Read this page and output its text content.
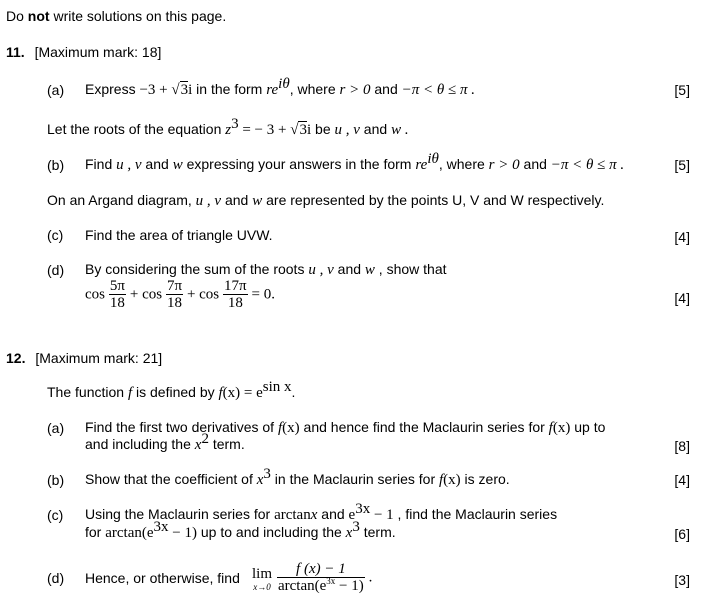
Do not write solutions on this page.
11. [Maximum mark: 18]
(a) Express −3 + √3i in the form $re^{i\theta}$, where r > 0 and −π < θ ≤ π .	[5]
Let the roots of the equation $z^3$ = − 3 + √3i be u , v and w .
(b) Find u , v and w expressing your answers in the form $re^{i\theta}$, where r > 0 and −π < θ ≤ π .	[5]
On an Argand diagram, u , v and w are represented by the points U, V and W respectively.
(c) Find the area of triangle UVW.	[4]
(d) By considering the sum of the roots u , v and w , show that
$\cos \frac{5\pi}{18} + \cos \frac{7\pi}{18} + \cos \frac{17\pi}{18} = 0$.	[4]
12. [Maximum mark: 21]
The function f is defined by $f(x) = e^{sin x}$.
(a) Find the first two derivatives of f(x) and hence find the Maclaurin series for f(x) up to
and including the $x^2$ term.	[8]
(b) Show that the coefficient of $x^3$ in the Maclaurin series for f(x) is zero.	[4]
(c) Using the Maclaurin series for arctanx and $e^{3x} - 1$ , find the Maclaurin series
for $\arctan(e^{3x} - 1)$ up to and including the $x^3$ term.	[6]
(d) Hence, or otherwise, find lim
$x\to 0 \frac{f (x) - 1}{\arctan(e^{3x} - 1)}$ .	[3]
